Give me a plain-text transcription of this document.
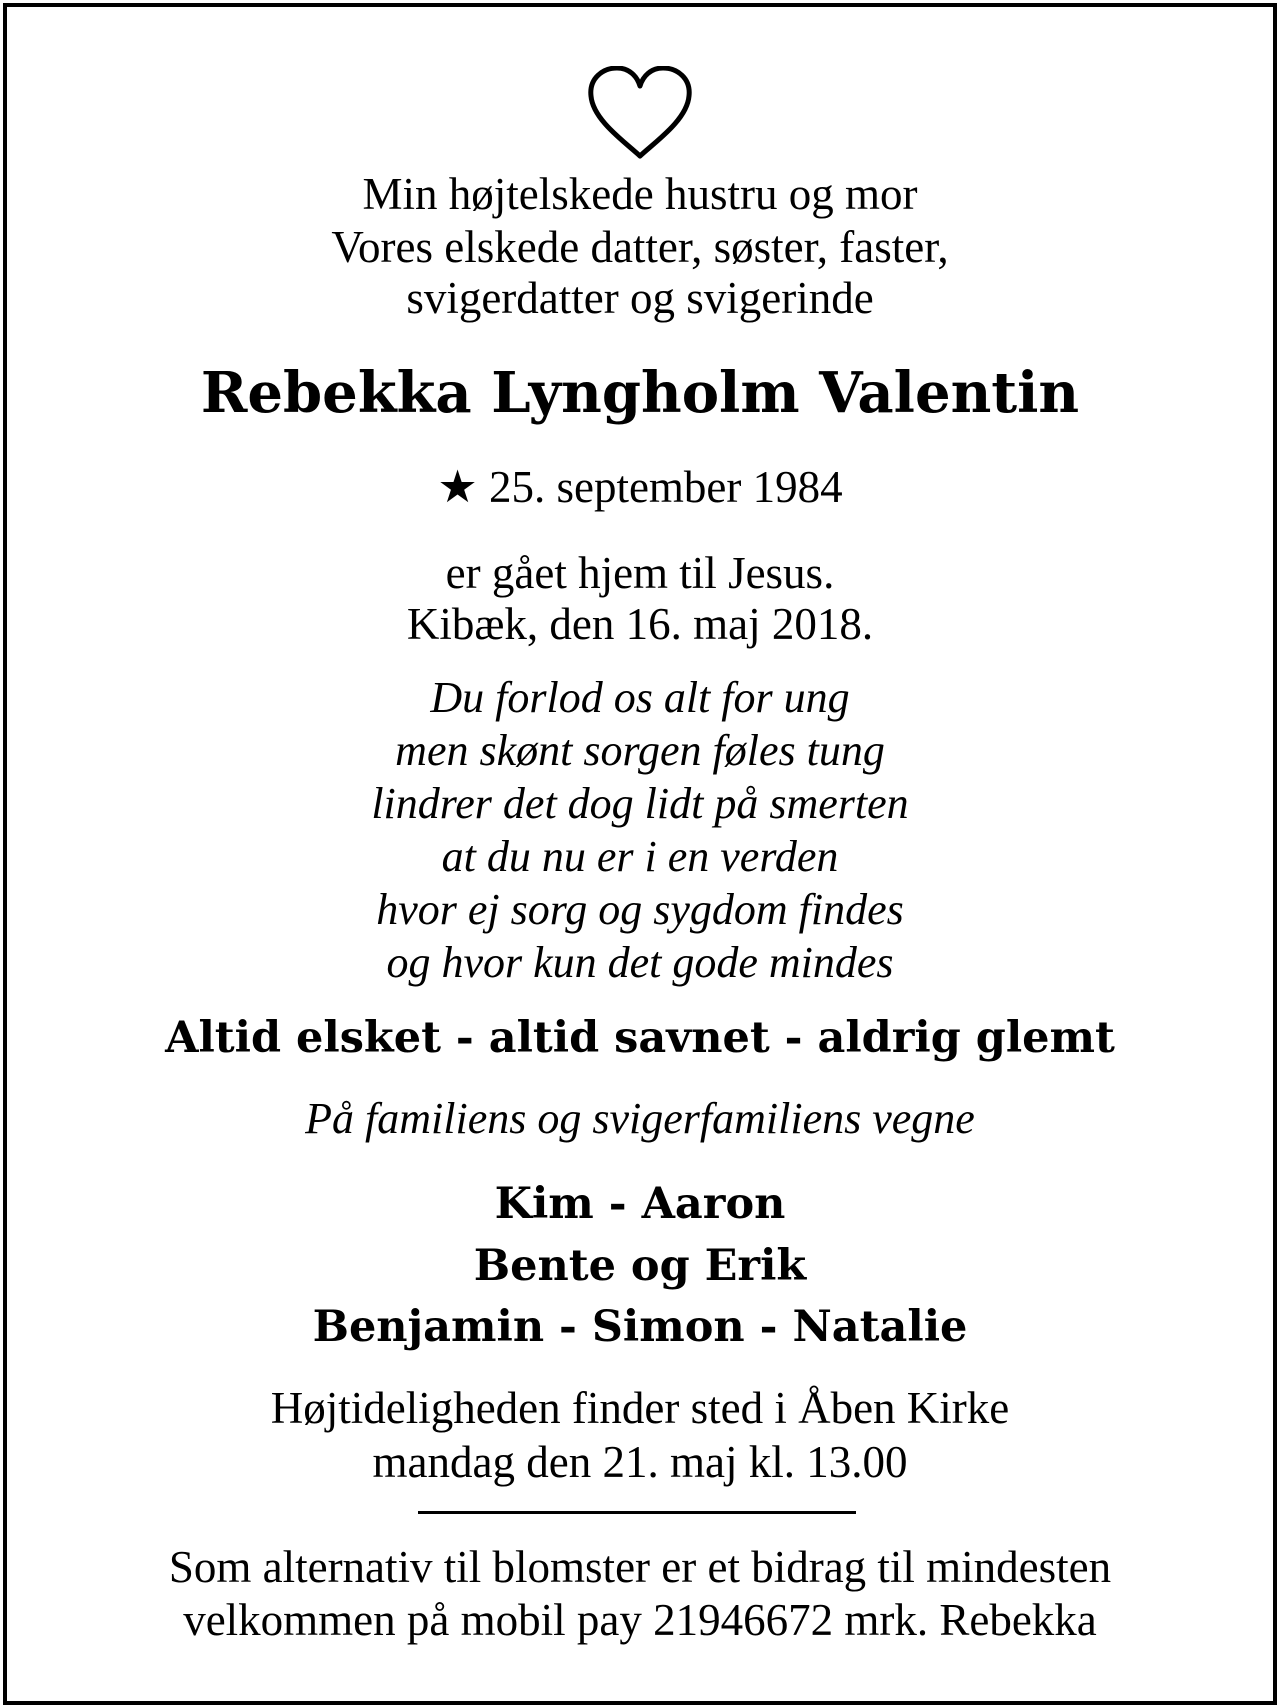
Min højtelskede hustru og mor
Vores elskede datter, søster, faster,
svigerdatter og svigerinde
Rebekka Lyngholm Valentin
★ 25. september 1984
er gået hjem til Jesus.
Kibæk, den 16. maj 2018.
Du forlod os alt for ung
men skønt sorgen føles tung
lindrer det dog lidt på smerten
at du nu er i en verden
hvor ej sorg og sygdom findes
og hvor kun det gode mindes
Altid elsket - altid savnet - aldrig glemt
På familiens og svigerfamiliens vegne
Kim - Aaron
Bente og Erik
Benjamin - Simon - Natalie
Højtideligheden finder sted i Åben Kirke
mandag den 21. maj kl. 13.00
Som alternativ til blomster er et bidrag til mindesten
velkommen på mobil pay 21946672 mrk. Rebekka
